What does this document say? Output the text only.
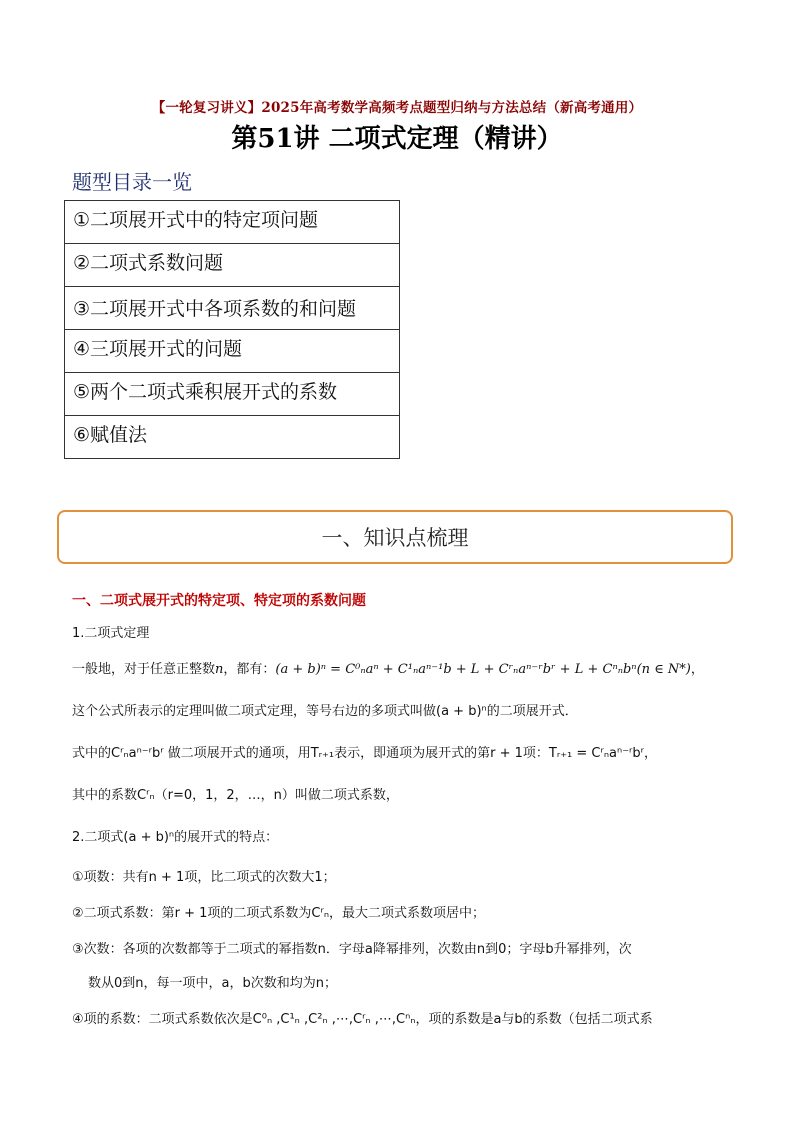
【一轮复习讲义】2025年高考数学高频考点题型归纳与方法总结（新高考通用）
第51讲 二项式定理（精讲）
题型目录一览
①二项展开式中的特定项问题
②二项式系数问题
③二项展开式中各项系数的和问题
④三项展开式的问题
⑤两个二项式乘积展开式的系数
⑥赋值法
一、知识点梳理
一、二项式展开式的特定项、特定项的系数问题
1.二项式定理
一般地，对于任意正整数n，都有：(a + b)ⁿ = C⁰ₙaⁿ + C¹ₙaⁿ⁻¹b + L + Cʳₙaⁿ⁻ʳbʳ + L + Cⁿₙbⁿ(n ∈ N*)，
这个公式所表示的定理叫做二项式定理，等号右边的多项式叫做(a + b)ⁿ的二项展开式．
式中的Cʳₙaⁿ⁻ʳbʳ 做二项展开式的通项，用Tᵣ₊₁表示，即通项为展开式的第r + 1项：Tᵣ₊₁ = Cʳₙaⁿ⁻ʳbʳ，
其中的系数Cʳₙ（r=0，1，2，…，n）叫做二项式系数，
2.二项式(a + b)ⁿ的展开式的特点：
①项数：共有n + 1项，比二项式的次数大1；
②二项式系数：第r + 1项的二项式系数为Cʳₙ，最大二项式系数项居中；
③次数：各项的次数都等于二项式的幂指数n．字母a降幂排列，次数由n到0；字母b升幂排列，次
数从0到n，每一项中，a，b次数和均为n；
④项的系数：二项式系数依次是C⁰ₙ ,C¹ₙ ,C²ₙ ,⋯,Cʳₙ ,⋯,Cⁿₙ，项的系数是a与b的系数（包括二项式系
